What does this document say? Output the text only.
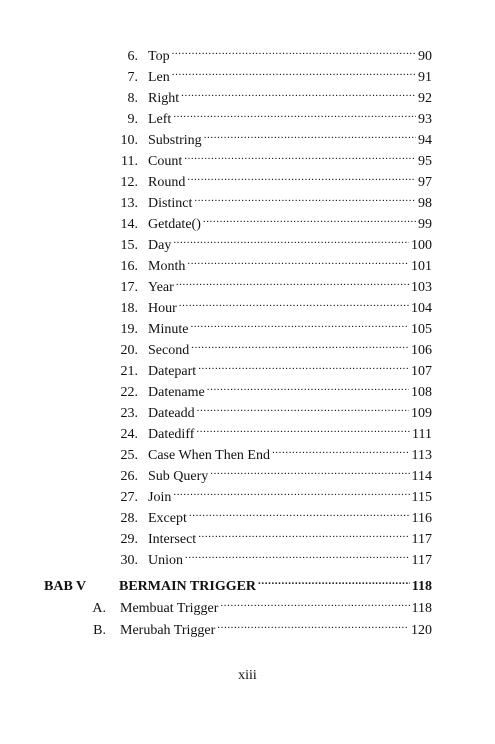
6. Top .....	90
7. Len .....	91
8. Right .....	92
9. Left .....	93
10. Substring .....	94
11. Count .....	95
12. Round .....	97
13. Distinct .....	98
14. Getdate() .....	99
15. Day .....	100
16. Month .....	101
17. Year .....	103
18. Hour .....	104
19. Minute .....	105
20. Second .....	106
21. Datepart .....	107
22. Datename .....	108
23. Dateadd .....	109
24. Datediff .....	111
25. Case When Then End .....	113
26. Sub Query .....	114
27. Join .....	115
28. Except .....	116
29. Intersect .....	117
30. Union .....	117
BAB V	BERMAIN TRIGGER .....	118
A. Membuat Trigger .....	118
B. Merubah Trigger .....	120
xiii
